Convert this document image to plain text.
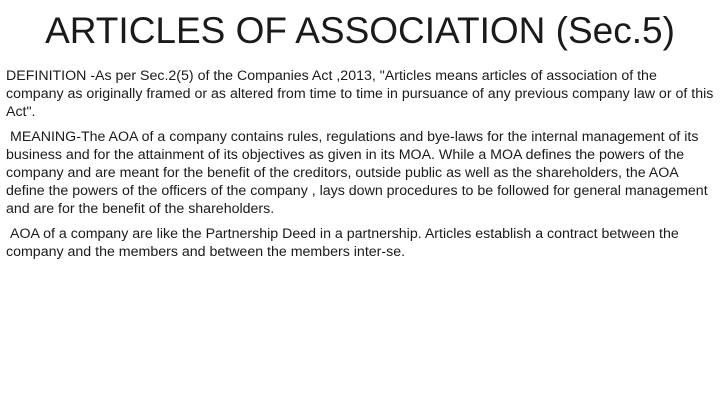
ARTICLES OF ASSOCIATION (Sec.5)

DEFINITION -As per Sec.2(5) of the Companies Act ,2013, "Articles means articles of association of the company as originally framed or as altered from time to time in pursuance of any previous company law or of this Act".

MEANING-The AOA of a company contains rules, regulations and bye-laws for the internal management of its business and for the attainment of its objectives as given in its MOA. While a MOA defines the powers of the company and are meant for the benefit of the creditors, outside public as well as the shareholders, the AOA define the powers of the officers of the company , lays down procedures to be followed for general management and are for the benefit of the shareholders.

AOA of a company are like the Partnership Deed in a partnership. Articles establish a contract between the company and the members and between the members inter-se.
